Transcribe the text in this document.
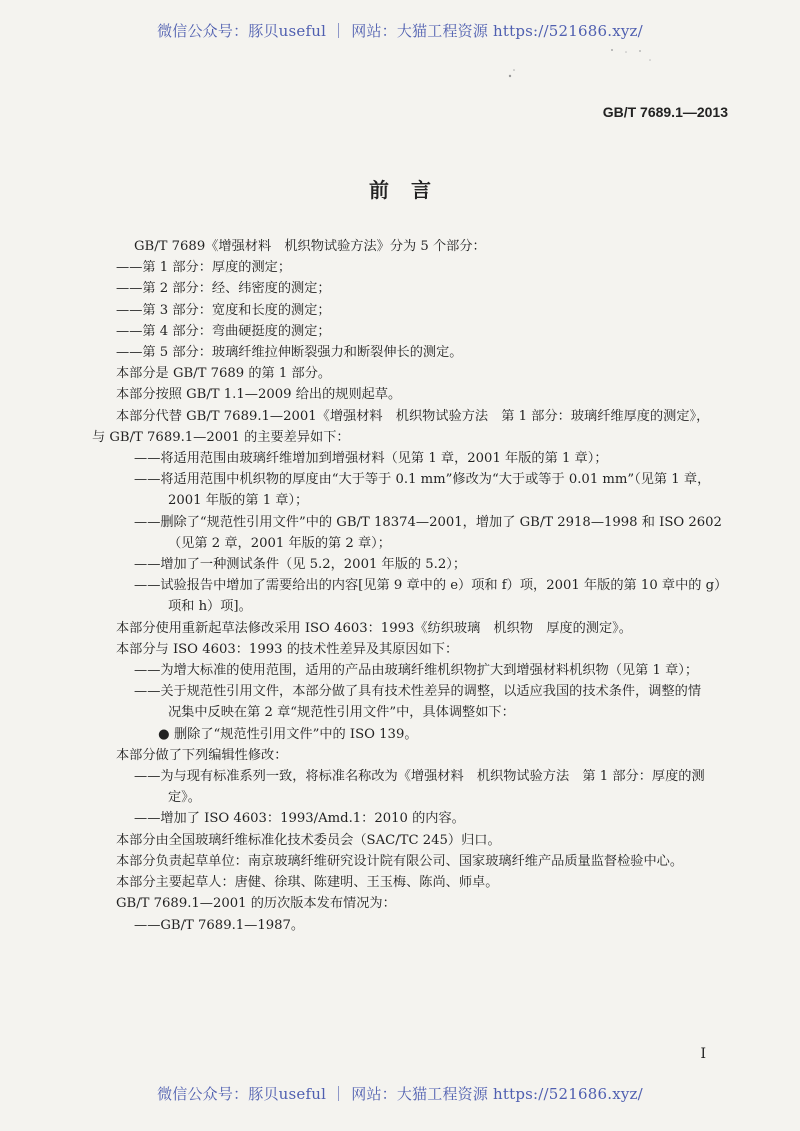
微信公众号：豚贝useful ｜ 网站：大猫工程资源 https://521686.xyz/
GB/T 7689.1—2013
前言
GB/T 7689《增强材料　机织物试验方法》分为 5 个部分：
——第 1 部分：厚度的测定；
——第 2 部分：经、纬密度的测定；
——第 3 部分：宽度和长度的测定；
——第 4 部分：弯曲硬挺度的测定；
——第 5 部分：玻璃纤维拉伸断裂强力和断裂伸长的测定。
本部分是 GB/T 7689 的第 1 部分。
本部分按照 GB/T 1.1—2009 给出的规则起草。
本部分代替 GB/T 7689.1—2001《增强材料　机织物试验方法　第 1 部分：玻璃纤维厚度的测定》，
与 GB/T 7689.1—2001 的主要差异如下：
——将适用范围由玻璃纤维增加到增强材料（见第 1 章，2001 年版的第 1 章）；
——将适用范围中机织物的厚度由“大于等于 0.1 mm”修改为“大于或等于 0.01 mm”（见第 1 章，
2001 年版的第 1 章）；
——删除了“规范性引用文件”中的 GB/T 18374—2001，增加了 GB/T 2918—1998 和 ISO 2602
（见第 2 章，2001 年版的第 2 章）；
——增加了一种测试条件（见 5.2，2001 年版的 5.2）；
——试验报告中增加了需要给出的内容[见第 9 章中的 e）项和 f）项，2001 年版的第 10 章中的 g）
项和 h）项]。
本部分使用重新起草法修改采用 ISO 4603：1993《纺织玻璃　机织物　厚度的测定》。
本部分与 ISO 4603：1993 的技术性差异及其原因如下：
——为增大标准的使用范围，适用的产品由玻璃纤维机织物扩大到增强材料机织物（见第 1 章）；
——关于规范性引用文件，本部分做了具有技术性差异的调整，以适应我国的技术条件，调整的情
况集中反映在第 2 章“规范性引用文件”中，具体调整如下：
● 删除了“规范性引用文件”中的 ISO 139。
本部分做了下列编辑性修改：
——为与现有标准系列一致，将标准名称改为《增强材料　机织物试验方法　第 1 部分：厚度的测
定》。
——增加了 ISO 4603：1993/Amd.1：2010 的内容。
本部分由全国玻璃纤维标准化技术委员会（SAC/TC 245）归口。
本部分负责起草单位：南京玻璃纤维研究设计院有限公司、国家玻璃纤维产品质量监督检验中心。
本部分主要起草人：唐健、徐琪、陈建明、王玉梅、陈尚、师卓。
GB/T 7689.1—2001 的历次版本发布情况为：
——GB/T 7689.1—1987。
I
微信公众号：豚贝useful ｜ 网站：大猫工程资源 https://521686.xyz/
